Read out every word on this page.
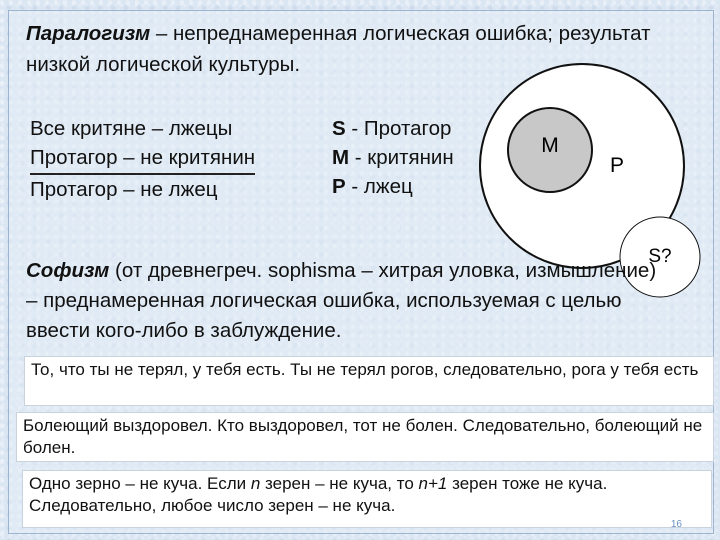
Паралогизм – непреднамеренная логическая ошибка; результат низкой логической культуры.
Все критяне – лжецы
Протагор – не критянин
Протагор – не лжец
S - Протагор
M - критянин
P - лжец
M
P
S?
Софизм (от древнегреч. sophisma – хитрая уловка, измышление) – преднамеренная логическая ошибка, используемая с целью ввести кого-либо в заблуждение.
То, что ты не терял, у тебя есть. Ты не терял рогов, следовательно, рога у тебя есть
Болеющий выздоровел. Кто выздоровел, тот не болен. Следовательно, болеющий не болен.
Одно зерно – не куча. Если n зерен – не куча, то n+1 зерен тоже не куча. Следовательно, любое число зерен – не куча.
16
